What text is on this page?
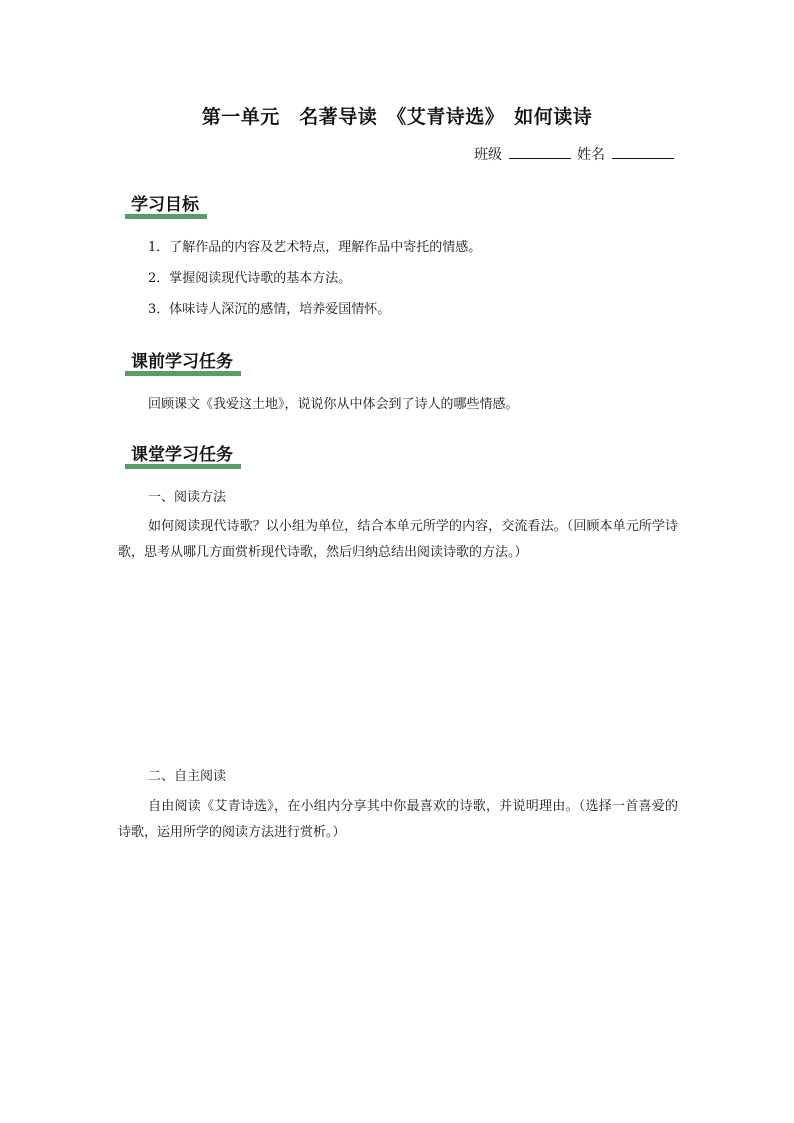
第一单元　名著导读　《艾青诗选》　如何读诗
班级	姓名
学习目标
1．了解作品的内容及艺术特点，理解作品中寄托的情感。
2．掌握阅读现代诗歌的基本方法。
3．体味诗人深沉的感情，培养爱国情怀。
课前学习任务
回顾课文《我爱这土地》，说说你从中体会到了诗人的哪些情感。
课堂学习任务
一、阅读方法
如何阅读现代诗歌？以小组为单位，结合本单元所学的内容，交流看法。（回顾本单元所学诗歌，思考从哪几方面赏析现代诗歌，然后归纳总结出阅读诗歌的方法。）
二、自主阅读
自由阅读《艾青诗选》，在小组内分享其中你最喜欢的诗歌，并说明理由。（选择一首喜爱的诗歌，运用所学的阅读方法进行赏析。）
